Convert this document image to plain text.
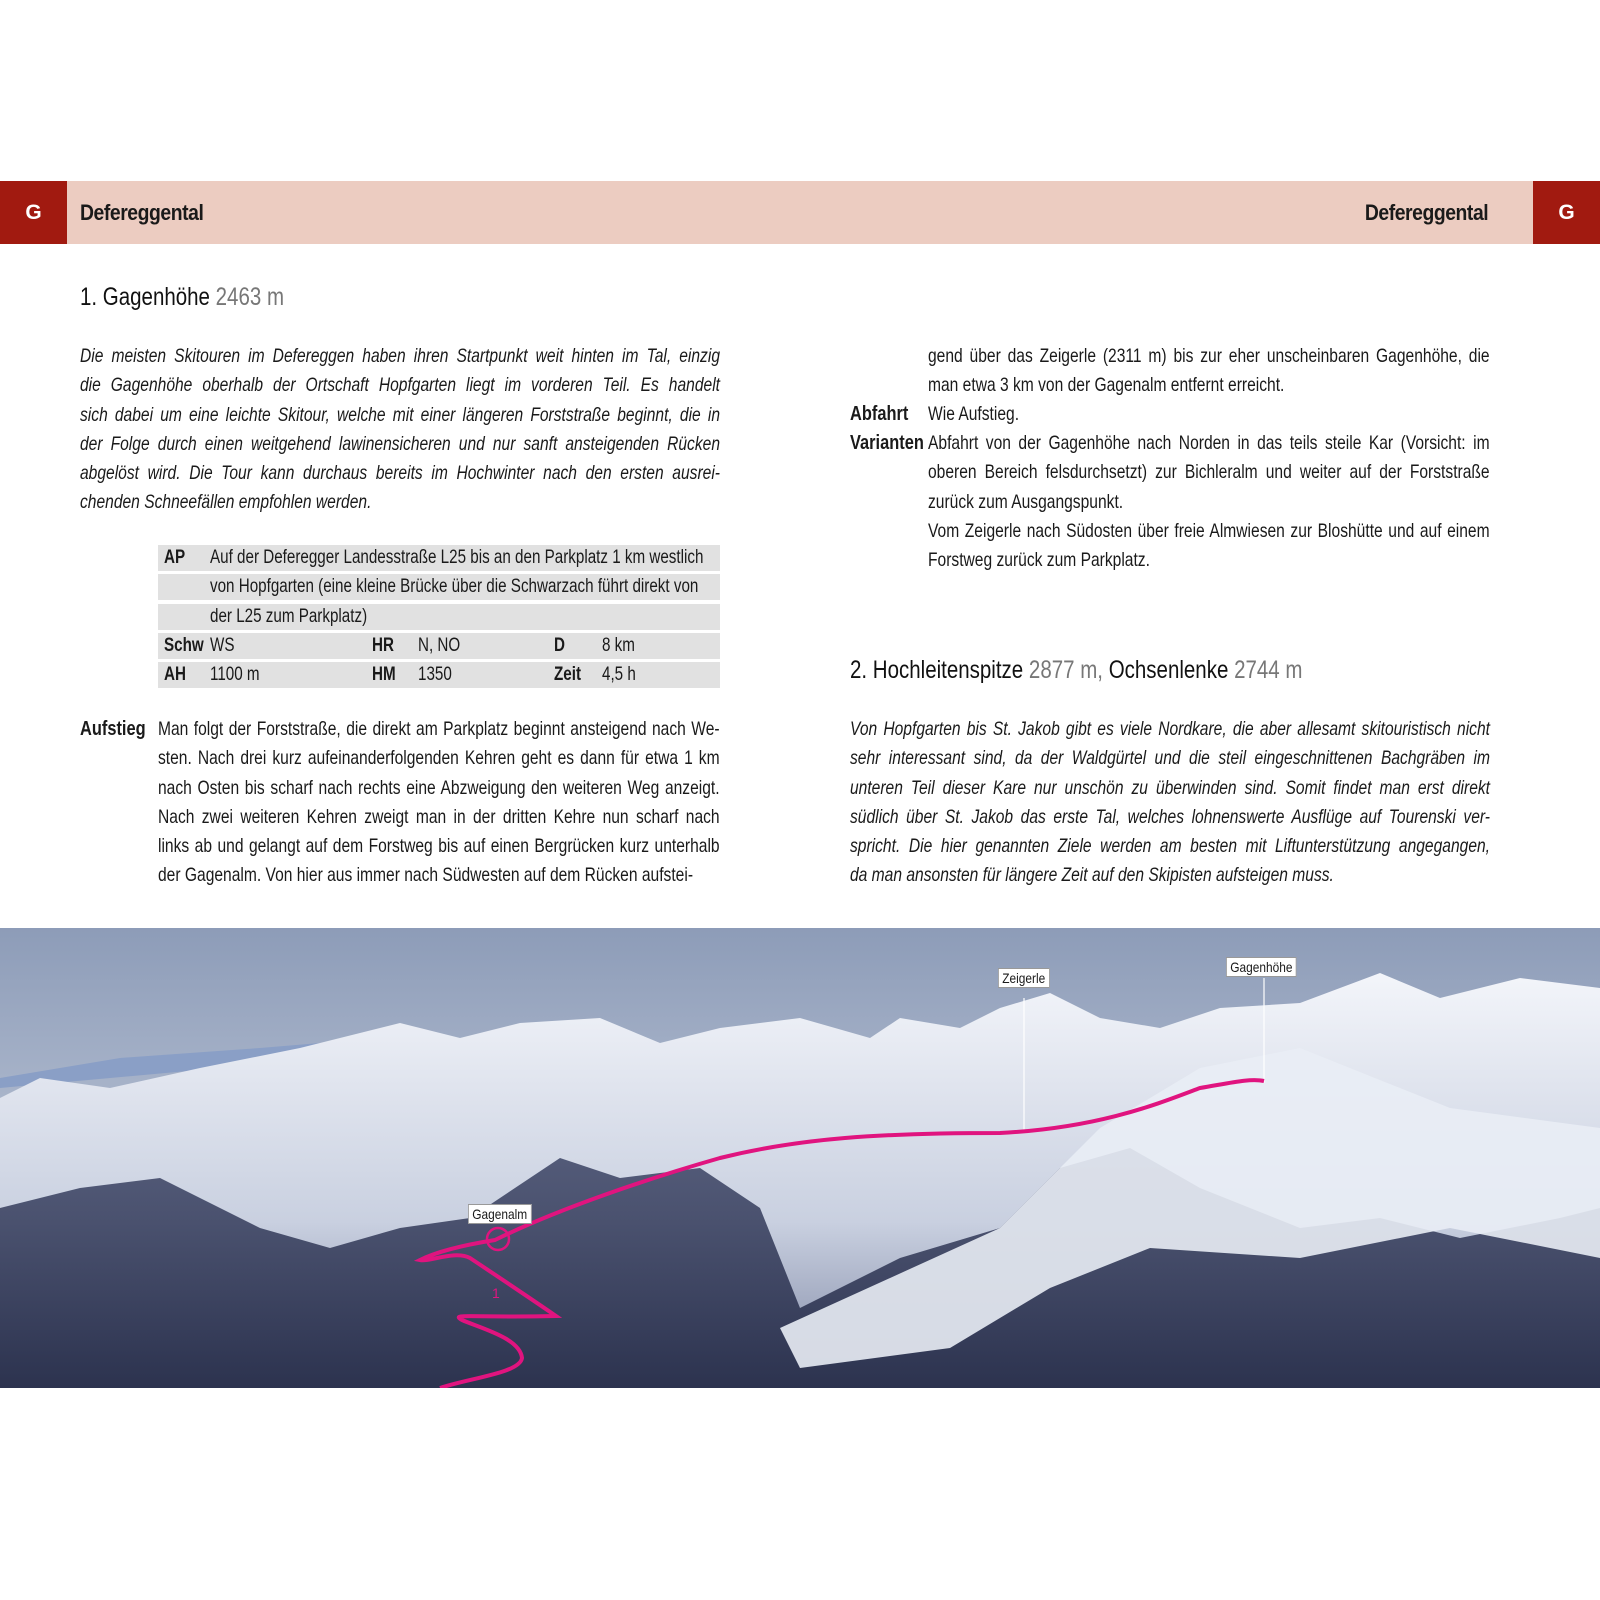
G	Defereggental	Defereggental	G
1. Gagenhöhe 2463 m
Die meisten Skitouren im Defereggen haben ihren Startpunkt weit hinten im Tal, einzig
die Gagenhöhe oberhalb der Ortschaft Hopfgarten liegt im vorderen Teil. Es handelt
sich dabei um eine leichte Skitour, welche mit einer längeren Forststraße beginnt, die in
der Folge durch einen weitgehend lawinensicheren und nur sanft ansteigenden Rücken
abgelöst wird. Die Tour kann durchaus bereits im Hochwinter nach den ersten ausrei-
chenden Schneefällen empfohlen werden.
AP Auf der Deferegger Landesstraße L25 bis an den Parkplatz 1 km westlich
von Hopfgarten (eine kleine Brücke über die Schwarzach führt direkt von
der L25 zum Parkplatz)
Schw WS	HR N, NO	D 8 km
AH 1100 m	HM 1350	Zeit 4,5 h
Aufstieg Man folgt der Forststraße, die direkt am Parkplatz beginnt ansteigend nach We-
sten. Nach drei kurz aufeinanderfolgenden Kehren geht es dann für etwa 1 km
nach Osten bis scharf nach rechts eine Abzweigung den weiteren Weg anzeigt.
Nach zwei weiteren Kehren zweigt man in der dritten Kehre nun scharf nach
links ab und gelangt auf dem Forstweg bis auf einen Bergrücken kurz unterhalb
der Gagenalm. Von hier aus immer nach Südwesten auf dem Rücken aufstei-
gend über das Zeigerle (2311 m) bis zur eher unscheinbaren Gagenhöhe, die
man etwa 3 km von der Gagenalm entfernt erreicht.
Abfahrt Wie Aufstieg.
Varianten Abfahrt von der Gagenhöhe nach Norden in das teils steile Kar (Vorsicht: im
oberen Bereich felsdurchsetzt) zur Bichleralm und weiter auf der Forststraße
zurück zum Ausgangspunkt.
Vom Zeigerle nach Südosten über freie Almwiesen zur Bloshütte und auf einem
Forstweg zurück zum Parkplatz.
2. Hochleitenspitze 2877 m, Ochsenlenke 2744 m
Von Hopfgarten bis St. Jakob gibt es viele Nordkare, die aber allesamt skitouristisch nicht
sehr interessant sind, da der Waldgürtel und die steil eingeschnittenen Bachgräben im
unteren Teil dieser Kare nur unschön zu überwinden sind. Somit findet man erst direkt
südlich über St. Jakob das erste Tal, welches lohnenswerte Ausflüge auf Tourenski ver-
spricht. Die hier genannten Ziele werden am besten mit Liftunterstützung angegangen,
da man ansonsten für längere Zeit auf den Skipisten aufsteigen muss.
1
Zeigerle
Gagenhöhe
Gagenalm
